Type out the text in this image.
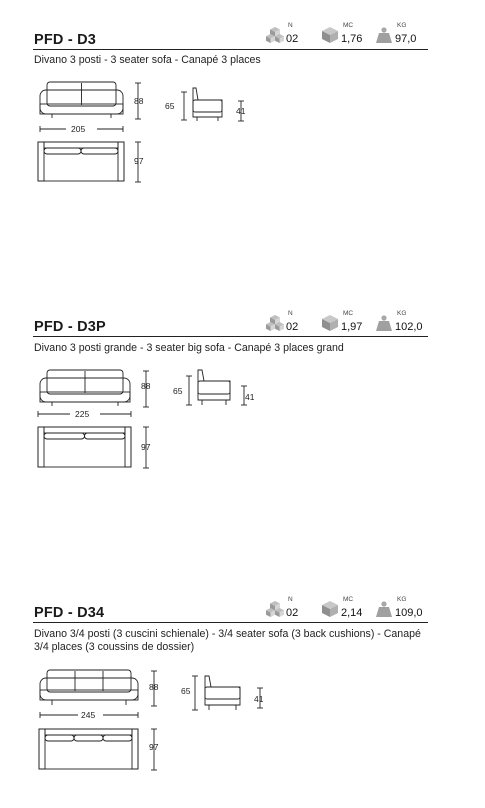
N
02
MC
1,76
KG
97,0
PFD - D3
Divano 3 posti - 3 seater sofa - Canapé 3 places
88
205
65	41
97
N
02
MC
1,97
KG
102,0
PFD - D3P
Divano 3 posti grande - 3 seater big sofa - Canapé 3 places grand
88
225
65
41
97
N
02
MC
2,14
KG
109,0
PFD - D34
Divano 3/4 posti (3 cuscini schienale) - 3/4 seater sofa (3 back cushions) - Canapé 3/4 places (3 coussins de dossier)
88
245
65
41
97
